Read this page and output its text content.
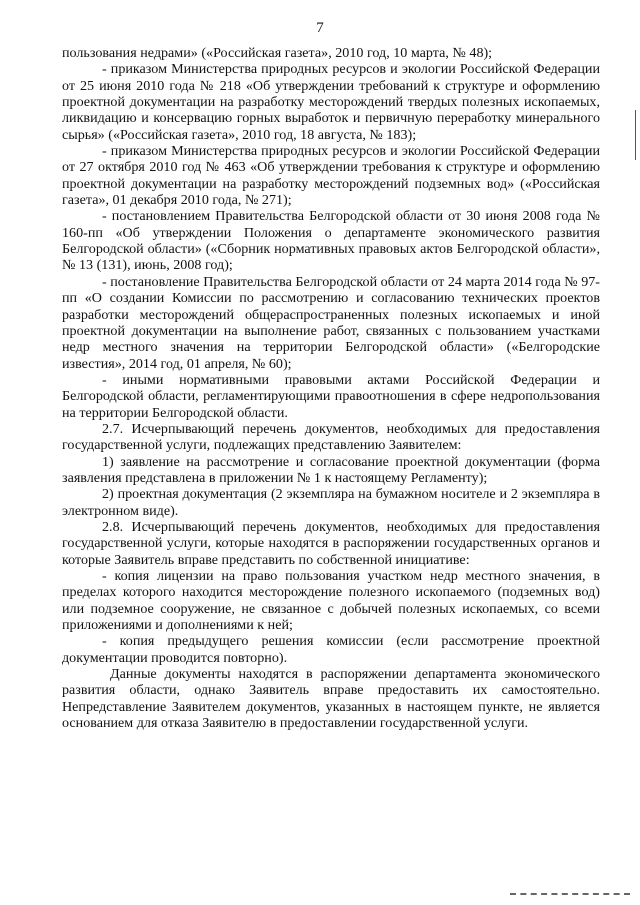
7

пользования недрами» («Российская газета», 2010 год, 10 марта, № 48);

- приказом Министерства природных ресурсов и экологии Российской Федерации от 25 июня 2010 года № 218 «Об утверждении требований к структуре и оформлению проектной документации на разработку месторождений твердых полезных ископаемых, ликвидацию и консервацию горных выработок и первичную переработку минерального сырья» («Российская газета», 2010 год, 18 августа, № 183);

- приказом Министерства природных ресурсов и экологии Российской Федерации от 27 октября 2010 год № 463 «Об утверждении требования к структуре и оформлению проектной документации на разработку месторождений подземных вод» («Российская газета», 01 декабря 2010 года, № 271);

- постановлением Правительства Белгородской области от 30 июня 2008 года № 160-пп «Об утверждении Положения о департаменте экономического развития Белгородской области» («Сборник нормативных правовых актов Белгородской области», № 13 (131), июнь, 2008 год);

- постановление Правительства Белгородской области от 24 марта 2014 года № 97-пп «О создании Комиссии по рассмотрению и согласованию технических проектов разработки месторождений общераспространенных полезных ископаемых и иной проектной документации на выполнение работ, связанных с пользованием участками недр местного значения на территории Белгородской области» («Белгородские известия», 2014 год, 01 апреля, № 60);

- иными нормативными правовыми актами Российской Федерации и Белгородской области, регламентирующими правоотношения в сфере недропользования на территории Белгородской области.

2.7. Исчерпывающий перечень документов, необходимых для предоставления государственной услуги, подлежащих представлению Заявителем:

1) заявление на рассмотрение и согласование проектной документации (форма заявления представлена в приложении № 1 к настоящему Регламенту);

2) проектная документация (2 экземпляра на бумажном носителе и 2 экземпляра в электронном виде).

2.8. Исчерпывающий перечень документов, необходимых для предоставления государственной услуги, которые находятся в распоряжении государственных органов и которые Заявитель вправе представить по собственной инициативе:

- копия лицензии на право пользования участком недр местного значения, в пределах которого находится месторождение полезного ископаемого (подземных вод) или подземное сооружение, не связанное с добычей полезных ископаемых, со всеми приложениями и дополнениями к ней;

- копия предыдущего решения комиссии (если рассмотрение проектной документации проводится повторно).

Данные документы находятся в распоряжении департамента экономического развития области, однако Заявитель вправе предоставить их самостоятельно. Непредставление Заявителем документов, указанных в настоящем пункте, не является основанием для отказа Заявителю в предоставлении государственной услуги.
